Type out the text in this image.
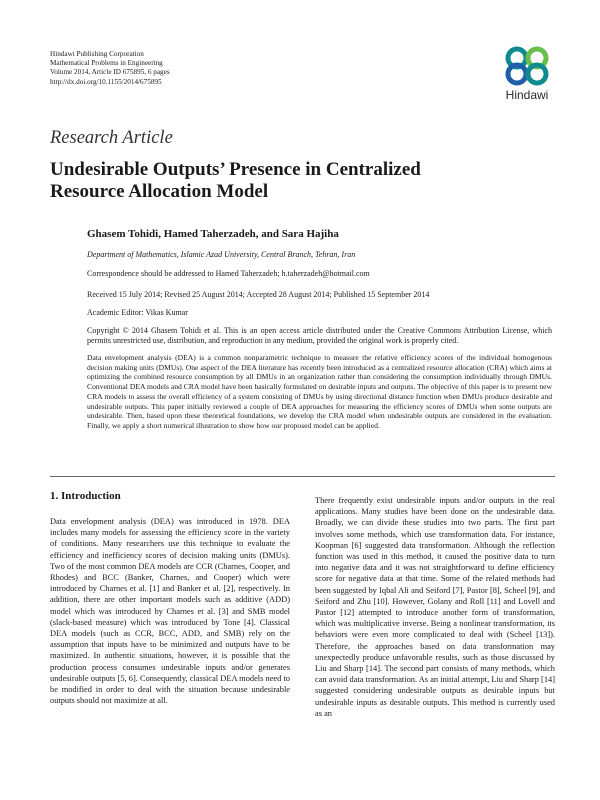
Hindawi Publishing Corporation
Mathematical Problems in Engineering
Volume 2014, Article ID 675895, 6 pages
http://dx.doi.org/10.1155/2014/675895
Hindawi
Research Article
Undesirable Outputs’ Presence in Centralized Resource Allocation Model
Ghasem Tohidi, Hamed Taherzadeh, and Sara Hajiha
Department of Mathematics, Islamic Azad University, Central Branch, Tehran, Iran
Correspondence should be addressed to Hamed Taherzadeh; h.taherzadeh@hotmail.com
Received 15 July 2014; Revised 25 August 2014; Accepted 28 August 2014; Published 15 September 2014
Academic Editor: Vikas Kumar
Copyright © 2014 Ghasem Tohidi et al. This is an open access article distributed under the Creative Commons Attribution License, which permits unrestricted use, distribution, and reproduction in any medium, provided the original work is properly cited.
Data envelopment analysis (DEA) is a common nonparametric technique to measure the relative efficiency scores of the individual homogenous decision making units (DMUs). One aspect of the DEA literature has recently been introduced as a centralized resource allocation (CRA) which aims at optimizing the combined resource consumption by all DMUs in an organization rather than considering the consumption individually through DMUs. Conventional DEA models and CRA model have been basically formulated on desirable inputs and outputs. The objective of this paper is to present new CRA models to assess the overall efficiency of a system consisting of DMUs by using directional distance function when DMUs produce desirable and undesirable outputs. This paper initially reviewed a couple of DEA approaches for measuring the efficiency scores of DMUs when some outputs are undesirable. Then, based upon these theoretical foundations, we develop the CRA model when undesirable outputs are considered in the evaluation. Finally, we apply a short numerical illustration to show how our proposed model can be applied.
1. Introduction
Data envelopment analysis (DEA) was introduced in 1978. DEA includes many models for assessing the efficiency score in the variety of conditions. Many researchers use this technique to evaluate the efficiency and inefficiency scores of decision making units (DMUs). Two of the most common DEA models are CCR (Charnes, Cooper, and Rhodes) and BCC (Banker, Charnes, and Cooper) which were introduced by Charnes et al. [1] and Banker et al. [2], respectively. In addition, there are other important models such as additive (ADD) model which was introduced by Charnes et al. [3] and SMB model (slack-based measure) which was introduced by Tone [4]. Classical DEA models (such as CCR, BCC, ADD, and SMB) rely on the assumption that inputs have to be minimized and outputs have to be maximized. In authentic situations, however, it is possible that the production process consumes undesirable inputs and/or generates undesirable outputs [5, 6]. Consequently, classical DEA models need to be modified in order to deal with the situation because undesirable outputs should not maximize at all.
There frequently exist undesirable inputs and/or outputs in the real applications. Many studies have been done on the undesirable data. Broadly, we can divide these studies into two parts. The first part involves some methods, which use transformation data. For instance, Koopman [6] suggested data transformation. Although the reflection function was used in this method, it caused the positive data to turn into negative data and it was not straightforward to define efficiency score for negative data at that time. Some of the related methods had been suggested by Iqbal Ali and Seiford [7], Pastor [8], Scheel [9], and Seiford and Zhu [10]. However, Golany and Roll [11] and Lovell and Pastor [12] attempted to introduce another form of transformation, which was multiplicative inverse. Being a nonlinear transformation, its behaviors were even more complicated to deal with (Scheel [13]). Therefore, the approaches based on data transformation may unexpectedly produce unfavorable results, such as those discussed by Liu and Sharp [14]. The second part consists of many methods, which can avoid data transformation. As an initial attempt, Liu and Sharp [14] suggested considering undesirable outputs as desirable inputs but undesirable inputs as desirable outputs. This method is currently used as an
